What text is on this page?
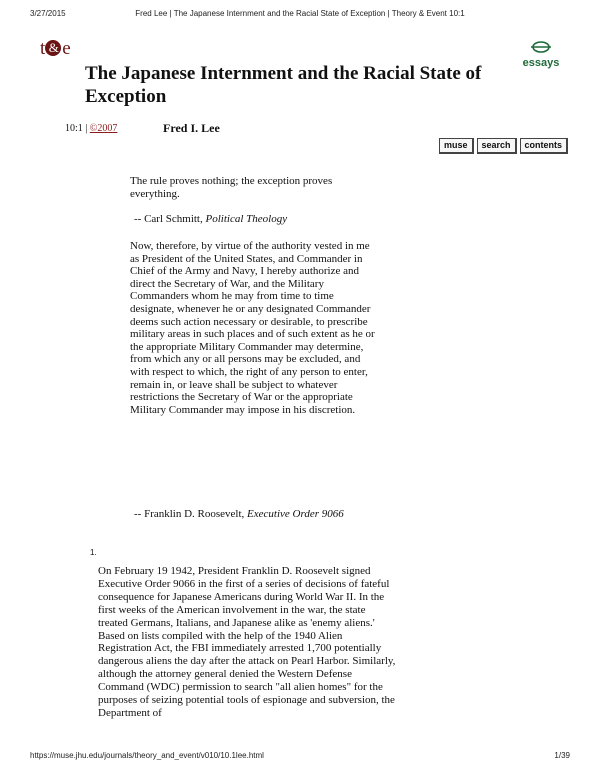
3/27/2015	Fred Lee | The Japanese Internment and the Racial State of Exception | Theory & Event 10:1
t & e
essays
The Japanese Internment and the Racial State of Exception
10:1 | ©2007	Fred I. Lee
muse	search	contents

The rule proves nothing; the exception proves everything.

-- Carl Schmitt, Political Theology

Now, therefore, by virtue of the authority vested in me as President of the United States, and Commander in Chief of the Army and Navy, I hereby authorize and direct the Secretary of War, and the Military Commanders whom he may from time to time designate, whenever he or any designated Commander deems such action necessary or desirable, to prescribe military areas in such places and of such extent as he or the appropriate Military Commander may determine, from which any or all persons may be excluded, and with respect to which, the right of any person to enter, remain in, or leave shall be subject to whatever restrictions the Secretary of War or the appropriate Military Commander may impose in his discretion.

-- Franklin D. Roosevelt, Executive Order 9066

1.

On February 19 1942, President Franklin D. Roosevelt signed Executive Order 9066 in the first of a series of decisions of fateful consequence for Japanese Americans during World War II. In the first weeks of the American involvement in the war, the state treated Germans, Italians, and Japanese alike as 'enemy aliens.' Based on lists compiled with the help of the 1940 Alien Registration Act, the FBI immediately arrested 1,700 potentially dangerous aliens the day after the attack on Pearl Harbor. Similarly, although the attorney general denied the Western Defense Command (WDC) permission to search "all alien homes" for the purposes of seizing potential tools of espionage and subversion, the Department of

https://muse.jhu.edu/journals/theory_and_event/v010/10.1lee.html	1/39
